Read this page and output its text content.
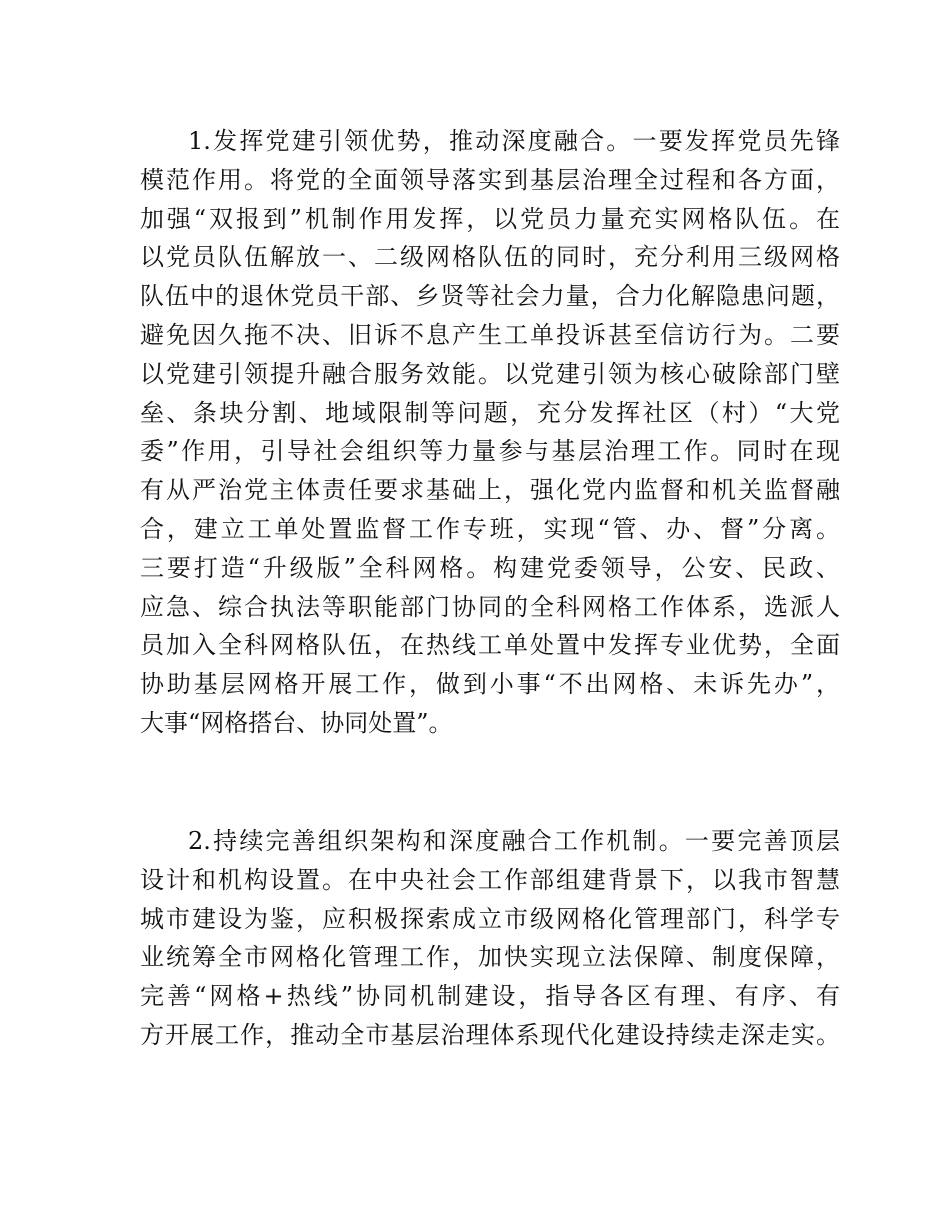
1.发挥党建引领优势，推动深度融合。一要发挥党员先锋
模范作用。将党的全面领导落实到基层治理全过程和各方面，
加强“双报到”机制作用发挥，以党员力量充实网格队伍。在
以党员队伍解放一、二级网格队伍的同时，充分利用三级网格
队伍中的退休党员干部、乡贤等社会力量，合力化解隐患问题，
避免因久拖不决、旧诉不息产生工单投诉甚至信访行为。二要
以党建引领提升融合服务效能。以党建引领为核心破除部门壁
垒、条块分割、地域限制等问题，充分发挥社区（村）“大党
委”作用，引导社会组织等力量参与基层治理工作。同时在现
有从严治党主体责任要求基础上，强化党内监督和机关监督融
合，建立工单处置监督工作专班，实现“管、办、督”分离。
三要打造“升级版”全科网格。构建党委领导，公安、民政、
应急、综合执法等职能部门协同的全科网格工作体系，选派人
员加入全科网格队伍，在热线工单处置中发挥专业优势，全面
协助基层网格开展工作，做到小事“不出网格、未诉先办”，
大事“网格搭台、协同处置”。
2.持续完善组织架构和深度融合工作机制。一要完善顶层
设计和机构设置。在中央社会工作部组建背景下，以我市智慧
城市建设为鉴，应积极探索成立市级网格化管理部门，科学专
业统筹全市网格化管理工作，加快实现立法保障、制度保障，
完善“网格+热线”协同机制建设，指导各区有理、有序、有
方开展工作，推动全市基层治理体系现代化建设持续走深走实。
